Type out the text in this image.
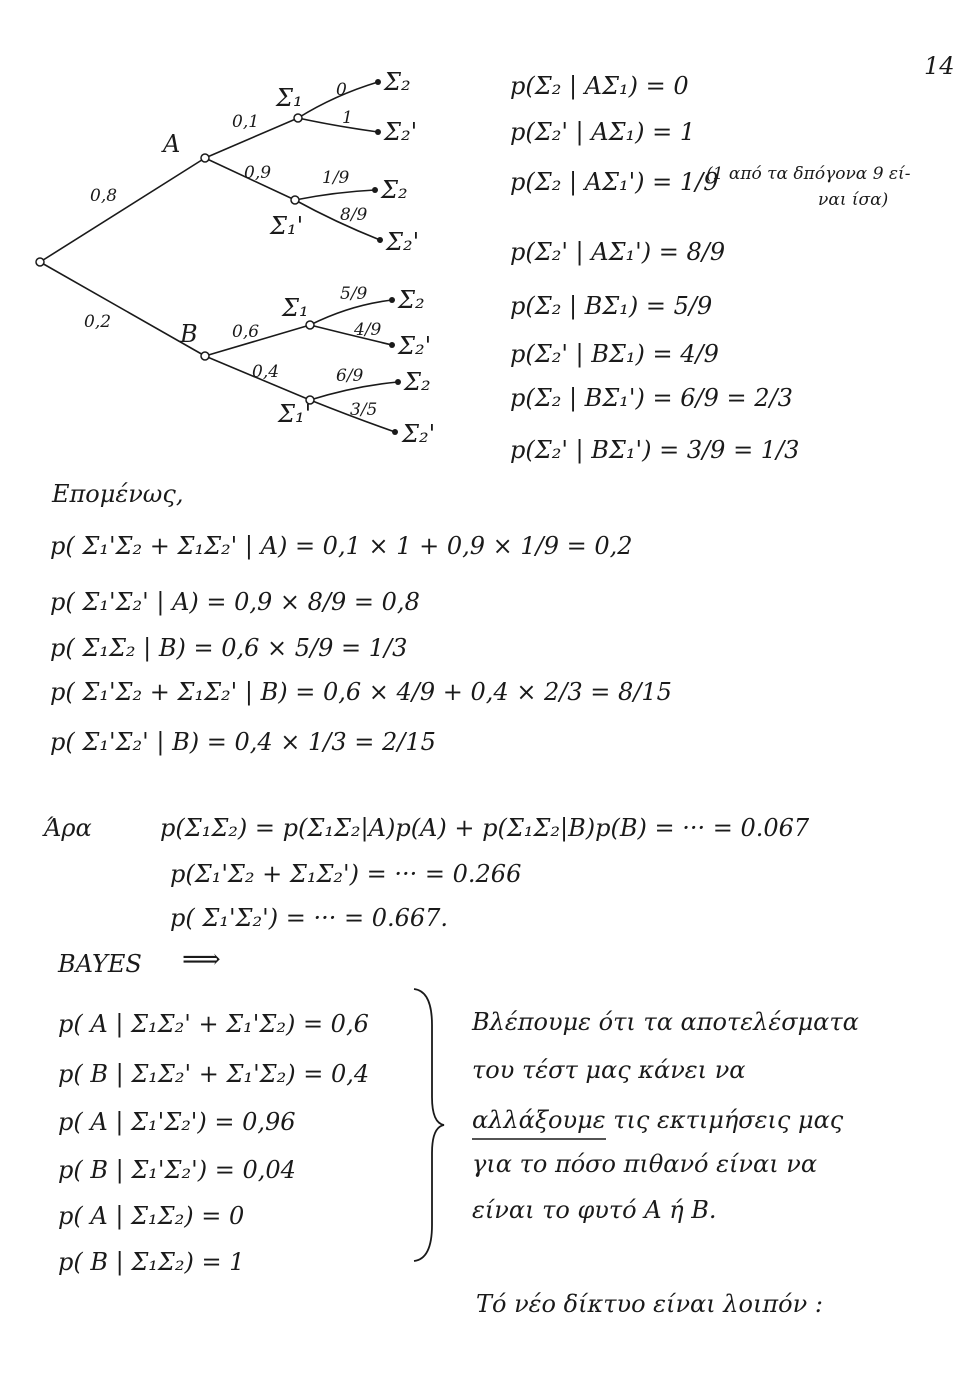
A
B
0,8
0,2
0,1
0,9
Σ₁
Σ₁'
0
1
1/9
8/9
0,6
0,4
Σ₁
Σ₁'
5/9
4/9
6/9
3/5
Σ₂
Σ₂'
Σ₂
Σ₂'
Σ₂
Σ₂'
Σ₂
Σ₂'
14
p(Σ₂ | AΣ₁) = 0
p(Σ₂' | AΣ₁) = 1
p(Σ₂ | AΣ₁') = 1/9
(1 από τα δπόγονα 9 εί-
ναι ίσα)
p(Σ₂' | AΣ₁') = 8/9
p(Σ₂ | BΣ₁) = 5/9
p(Σ₂' | BΣ₁) = 4/9
p(Σ₂ | BΣ₁') = 6/9 = 2/3
p(Σ₂' | BΣ₁') = 3/9 = 1/3
Επομένως,
p( Σ₁'Σ₂ + Σ₁Σ₂' | A) = 0,1 × 1 + 0,9 × 1/9 = 0,2
p( Σ₁'Σ₂' | A) = 0,9 × 8/9 = 0,8
p( Σ₁Σ₂ | B) = 0,6 × 5/9 = 1/3
p( Σ₁'Σ₂ + Σ₁Σ₂' | B) = 0,6 × 4/9 + 0,4 × 2/3 = 8/15
p( Σ₁'Σ₂' | B) = 0,4 × 1/3 = 2/15
Άρα	p(Σ₁Σ₂) = p(Σ₁Σ₂|A)p(A) + p(Σ₁Σ₂|B)p(B) = ··· = 0.067
p(Σ₁'Σ₂ + Σ₁Σ₂') = ··· = 0.266
p( Σ₁'Σ₂') = ··· = 0.667.
BAYES ⟹
p( A | Σ₁Σ₂' + Σ₁'Σ₂) = 0,6
p( B | Σ₁Σ₂' + Σ₁'Σ₂) = 0,4
p( A | Σ₁'Σ₂') = 0,96
p( B | Σ₁'Σ₂') = 0,04
p( A | Σ₁Σ₂) = 0
p( B | Σ₁Σ₂) = 1
Βλέπουμε ότι τα αποτελέσματα
του τέστ μας κάνει να
αλλάξουμε τις εκτιμήσεις μας
για το πόσο πιθανό είναι να
είναι το φυτό A ή B.
Τό νέο δίκτυο είναι λοιπόν :
